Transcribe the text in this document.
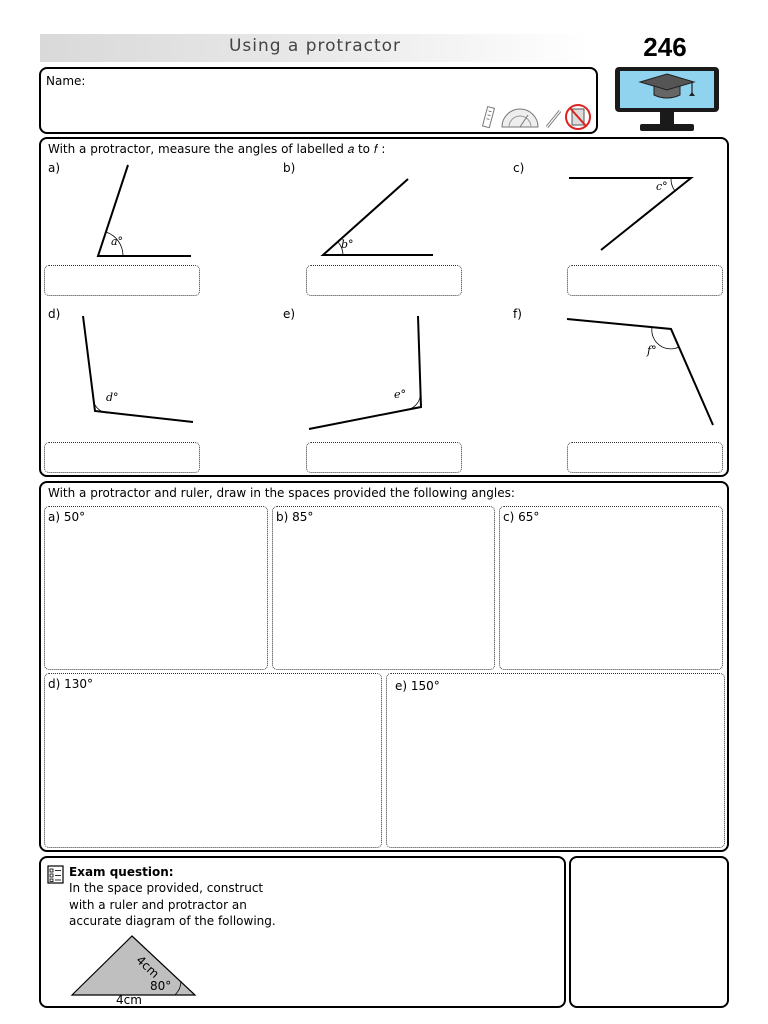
Using a protractor	246
Name:
With a protractor, measure the angles of labelled 𝑎 to 𝑓 :
a)	b)	c)
d)	e)	f)
𝑎°	𝑏°
𝑐°
𝑑°	𝑒°
𝑓°
With a protractor and ruler, draw in the spaces provided the following angles:
a) 50°	b) 85°	c) 65°
d) 130°	e) 150°
Exam question:
In the space provided, construct with a ruler and protractor an accurate diagram of the following.
4cm
80°
4cm
